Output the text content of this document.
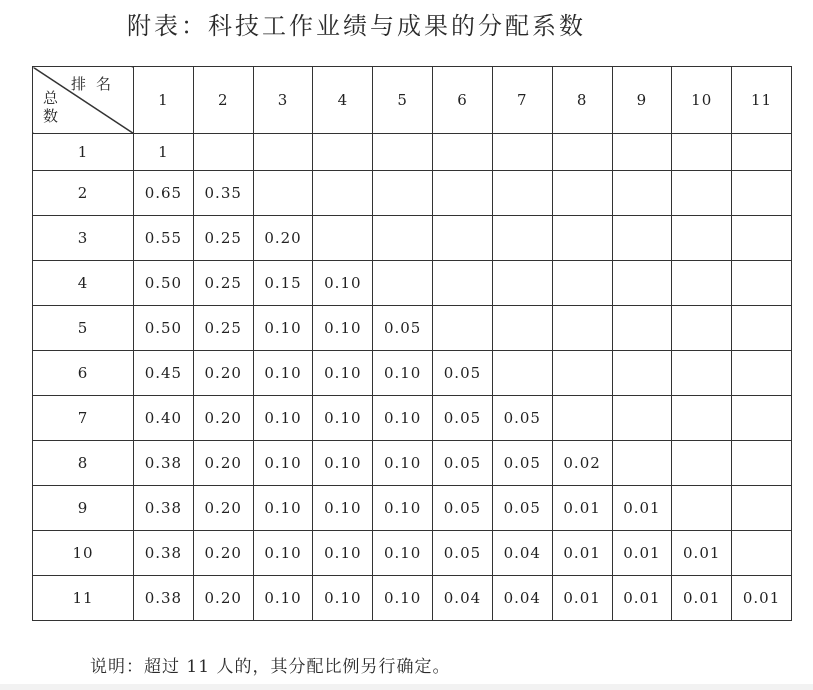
附表：科技工作业绩与成果的分配系数
排名
总数	1	2	3	4	5	6	7	8	9	10	11
1	1										
2	0.65	0.35									
3	0.55	0.25	0.20								
4	0.50	0.25	0.15	0.10							
5	0.50	0.25	0.10	0.10	0.05						
6	0.45	0.20	0.10	0.10	0.10	0.05					
7	0.40	0.20	0.10	0.10	0.10	0.05	0.05				
8	0.38	0.20	0.10	0.10	0.10	0.05	0.05	0.02			
9	0.38	0.20	0.10	0.10	0.10	0.05	0.05	0.01	0.01		
10	0.38	0.20	0.10	0.10	0.10	0.05	0.04	0.01	0.01	0.01	
11	0.38	0.20	0.10	0.10	0.10	0.04	0.04	0.01	0.01	0.01	0.01
说明：超过 11 人的，其分配比例另行确定。
